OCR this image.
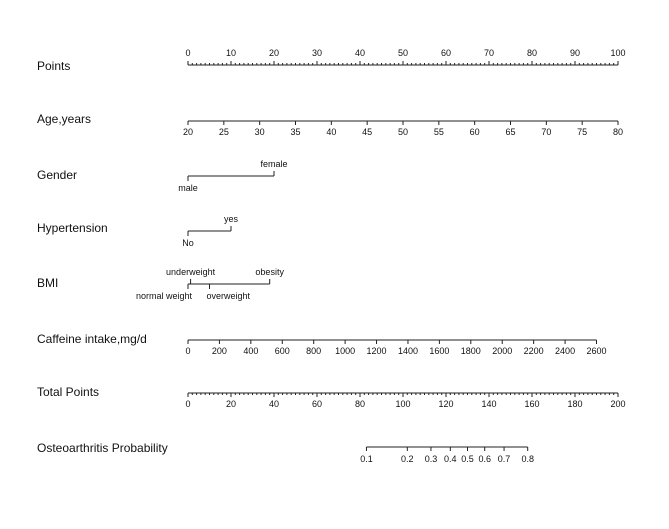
Points
0	10	20	30	40	50	60	70	80	90	100
Age,years
20	25	30	35	40	45	50	55	60	65	70	75	80
Gender
male
female
Hypertension
No
yes
BMI
underweight
normal weight overweight
obesity
Caffeine intake,mg/d
0 200 400 600 800 1000 1200 1400 1600 1800 2000 2200 2400 2600
Total Points
0	20	40	60	80	100	120	140	160	180	200
Osteoarthritis Probability
0.1	0.2 0.3 0.4 0.5 0.6 0.7 0.8
